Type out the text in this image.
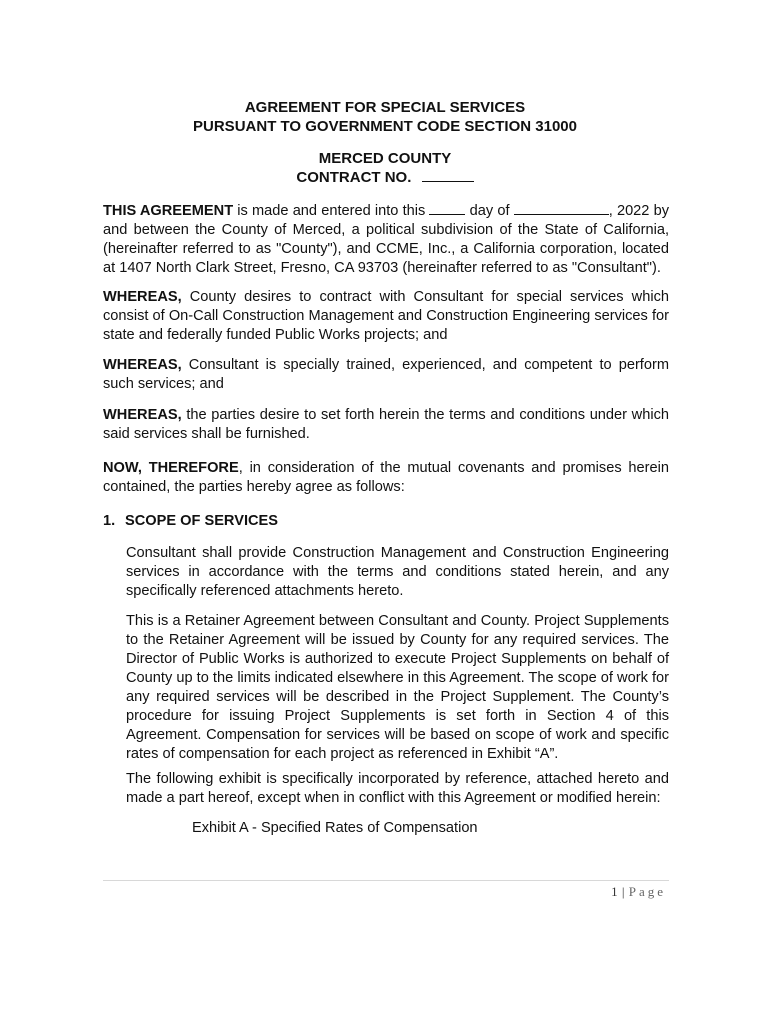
AGREEMENT FOR SPECIAL SERVICES
PURSUANT TO GOVERNMENT CODE SECTION 31000
MERCED COUNTY
CONTRACT NO.
THIS AGREEMENT is made and entered into this  day of	, 2022 by and between the County of Merced, a political subdivision of the State of California, (hereinafter referred to as "County"), and CCME, Inc., a California corporation, located at 1407 North Clark Street, Fresno, CA 93703 (hereinafter referred to as "Consultant").
WHEREAS, County desires to contract with Consultant for special services which consist of On-Call Construction Management and Construction Engineering services for state and federally funded Public Works projects; and
WHEREAS, Consultant is specially trained, experienced, and competent to perform such services; and
WHEREAS, the parties desire to set forth herein the terms and conditions under which said services shall be furnished.
NOW, THEREFORE, in consideration of the mutual covenants and promises herein contained, the parties hereby agree as follows:
1. SCOPE OF SERVICES
Consultant shall provide Construction Management and Construction Engineering services in accordance with the terms and conditions stated herein, and any specifically referenced attachments hereto.
This is a Retainer Agreement between Consultant and County. Project Supplements to the Retainer Agreement will be issued by County for any required services. The Director of Public Works is authorized to execute Project Supplements on behalf of County up to the limits indicated elsewhere in this Agreement. The scope of work for any required services will be described in the Project Supplement. The County’s procedure for issuing Project Supplements is set forth in Section 4 of this Agreement. Compensation for services will be based on scope of work and specific rates of compensation for each project as referenced in Exhibit “A”.
The following exhibit is specifically incorporated by reference, attached hereto and made a part hereof, except when in conflict with this Agreement or modified herein:
Exhibit A - Specified Rates of Compensation
1 | Page
